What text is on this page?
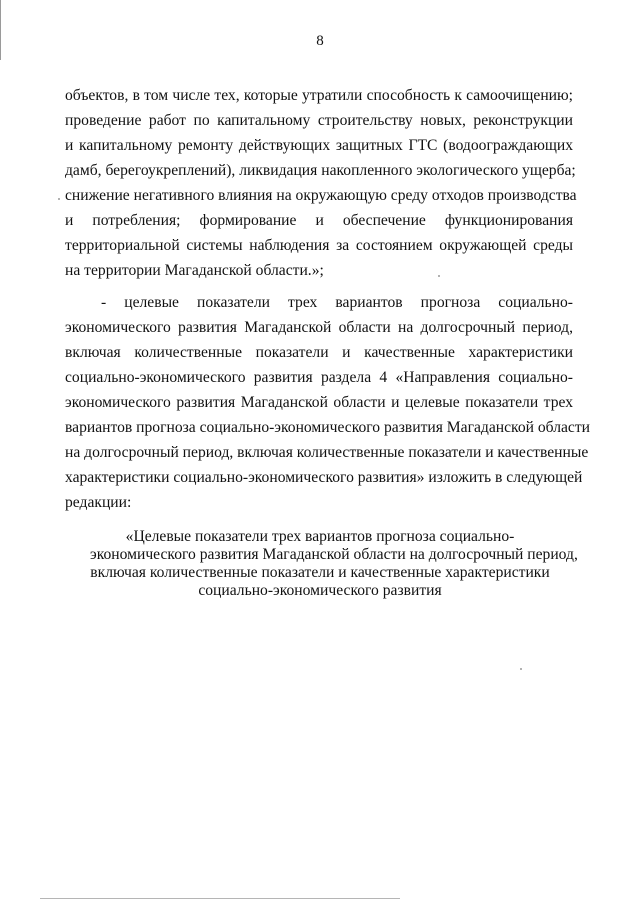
8
объектов, в том числе тех, которые утратили способность к самоочищению;
проведение работ по капитальному строительству новых, реконструкции
и капитальному ремонту действующих защитных ГТС (водоограждающих
дамб, берегоукреплений), ликвидация накопленного экологического ущерба;
снижение негативного влияния на окружающую среду отходов производства
и потребления; формирование и обеспечение функционирования
территориальной системы наблюдения за состоянием окружающей среды
на территории Магаданской области.»;
- целевые показатели трех вариантов прогноза социально-
экономического развития Магаданской области на долгосрочный период,
включая количественные показатели и качественные характеристики
социально-экономического развития раздела 4 «Направления социально-
экономического развития Магаданской области и целевые показатели трех
вариантов прогноза социально-экономического развития Магаданской области
на долгосрочный период, включая количественные показатели и качественные
характеристики социально-экономического развития» изложить в следующей
редакции:
«Целевые показатели трех вариантов прогноза социально-
экономического развития Магаданской области на долгосрочный период,
включая количественные показатели и качественные характеристики
социально-экономического развития
